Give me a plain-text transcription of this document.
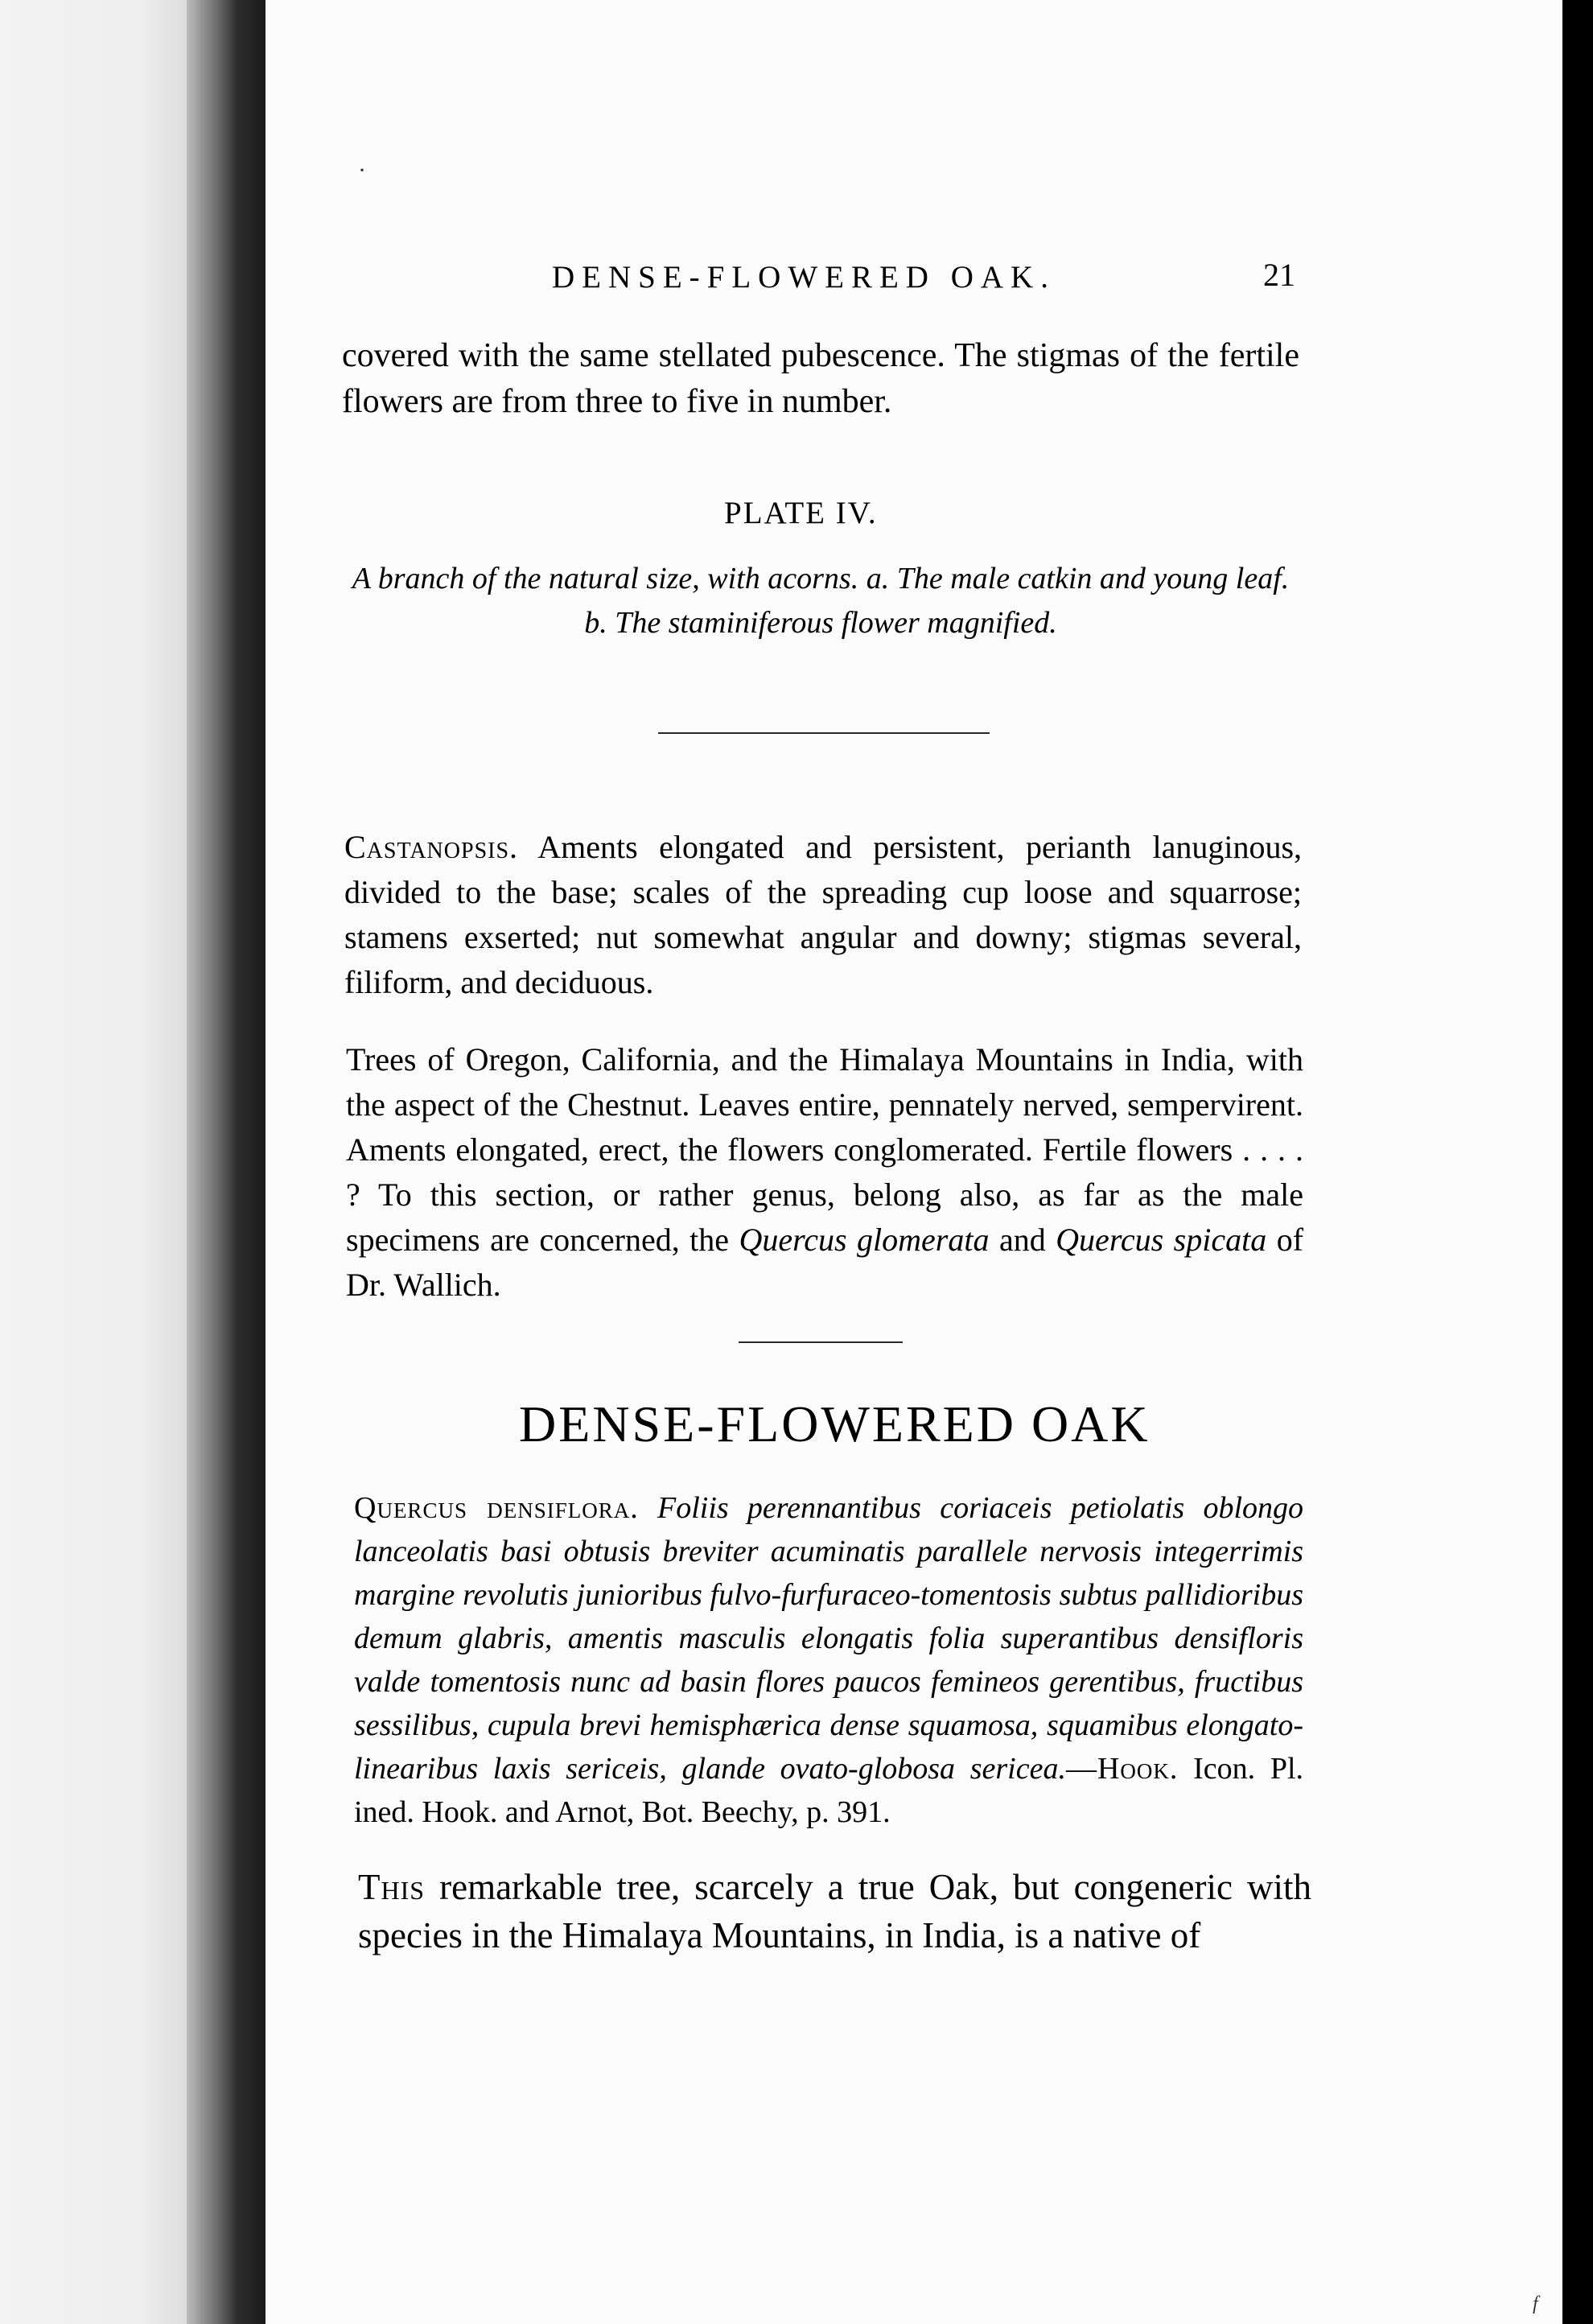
·
f
DENSE-FLOWERED OAK.	21

covered with the same stellated pubescence. The stigmas of the fertile flowers are from three to five in number.

PLATE IV.

A branch of the natural size, with acorns. a. The male catkin and young leaf. b. The staminiferous flower magnified.

Castanopsis. Aments elongated and persistent, perianth lanuginous, divided to the base; scales of the spreading cup loose and squarrose; stamens exserted; nut somewhat angular and downy; stigmas several, filiform, and deciduous.

Trees of Oregon, California, and the Himalaya Mountains in India, with the aspect of the Chestnut. Leaves entire, pennately nerved, sempervirent. Aments elongated, erect, the flowers conglomerated. Fertile flowers . . . . ? To this section, or rather genus, belong also, as far as the male specimens are concerned, the Quercus glomerata and Quercus spicata of Dr. Wallich.

DENSE-FLOWERED OAK

Quercus densiflora. Foliis perennantibus coriaceis petiolatis oblongo lanceolatis basi obtusis breviter acuminatis parallele nervosis integerrimis margine revolutis junioribus fulvo-furfuraceo-tomentosis subtus pallidioribus demum glabris, amentis masculis elongatis folia superantibus densifloris valde tomentosis nunc ad basin flores paucos femineos gerentibus, fructibus sessilibus, cupula brevi hemisphærica dense squamosa, squamibus elongato-linearibus laxis sericeis, glande ovato-globosa sericea.—Hook. Icon. Pl. ined. Hook. and Arnot, Bot. Beechy, p. 391.

This remarkable tree, scarcely a true Oak, but congeneric with species in the Himalaya Mountains, in India, is a native of
